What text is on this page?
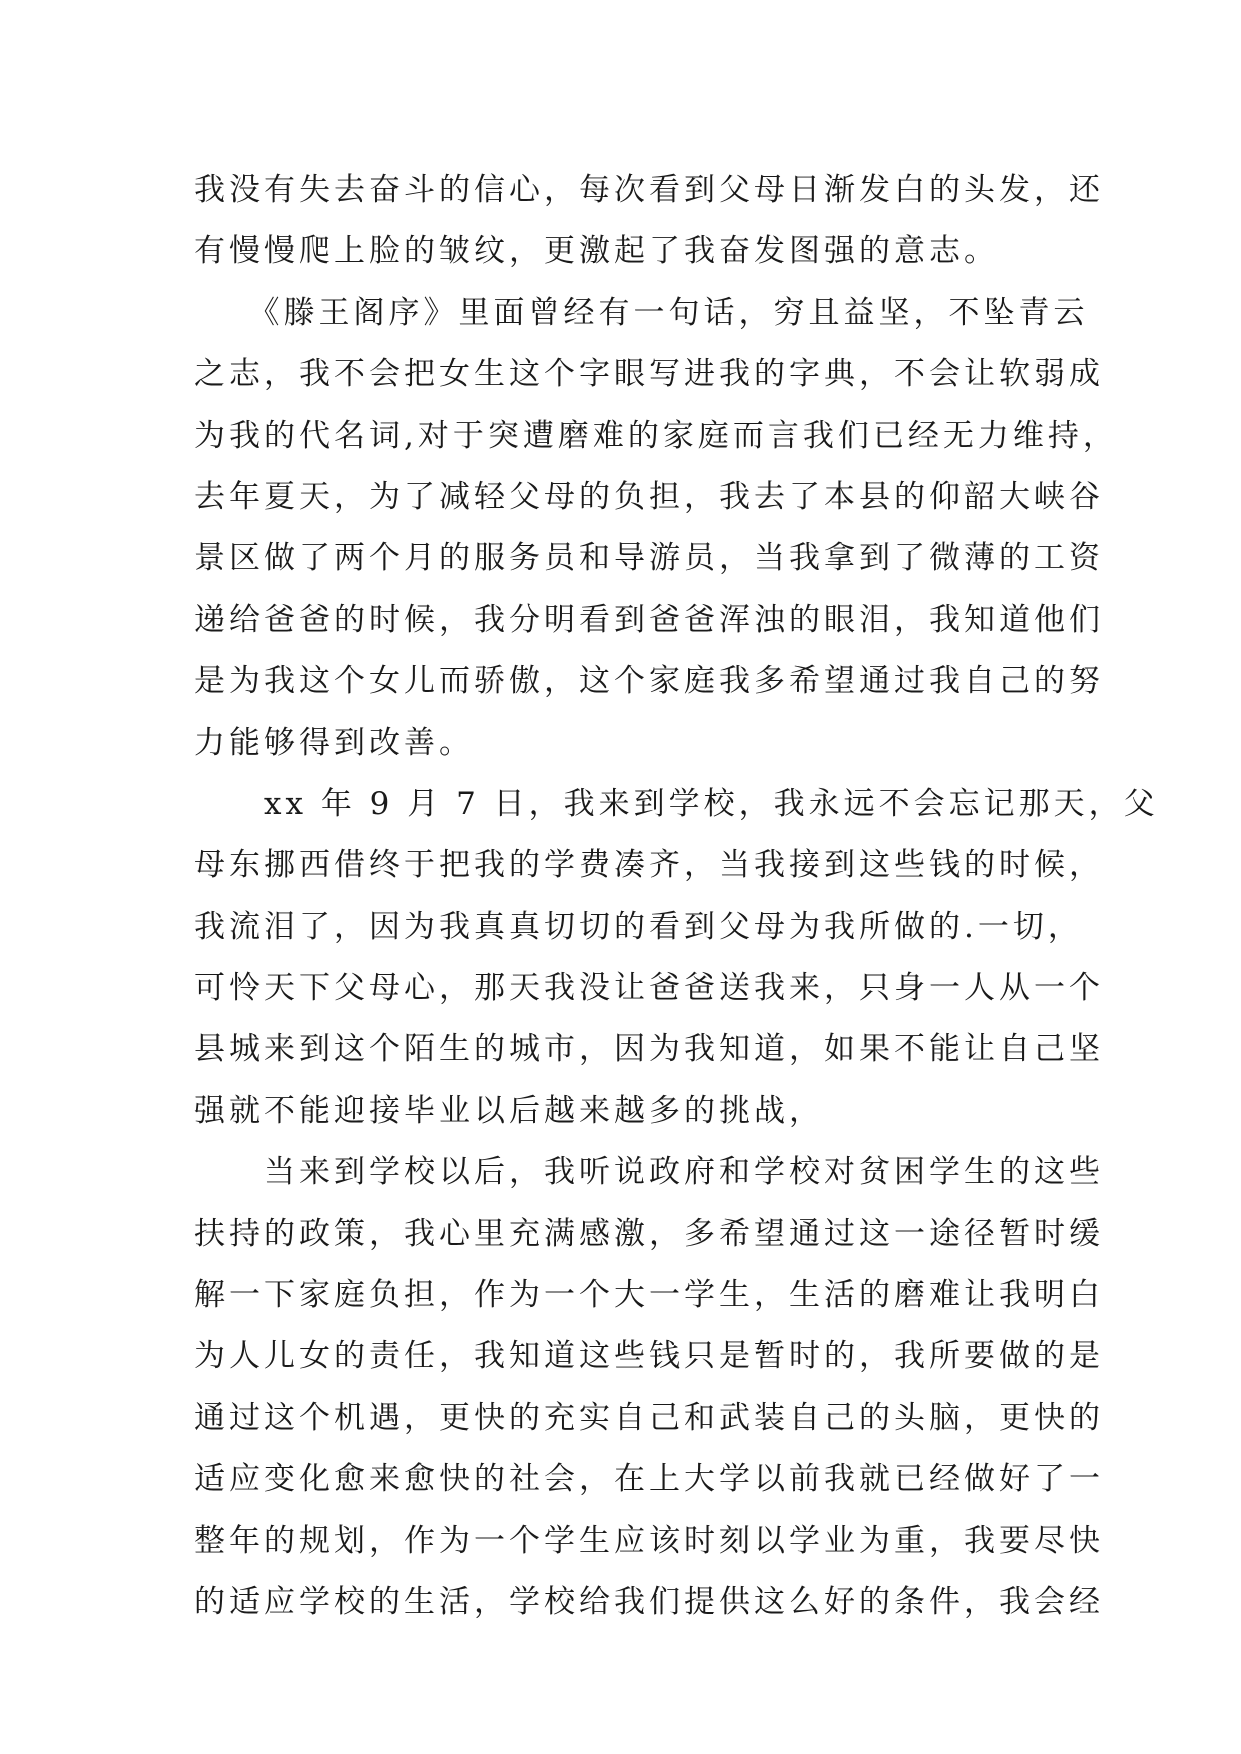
我没有失去奋斗的信心，每次看到父母日渐发白的头发，还
有慢慢爬上脸的皱纹，更激起了我奋发图强的意志。
　　《滕王阁序》里面曾经有一句话，穷且益坚，不坠青云
之志，我不会把女生这个字眼写进我的字典，不会让软弱成
为我的代名词,对于突遭磨难的家庭而言我们已经无力维持，
去年夏天，为了减轻父母的负担，我去了本县的仰韶大峡谷
景区做了两个月的服务员和导游员，当我拿到了微薄的工资
递给爸爸的时候，我分明看到爸爸浑浊的眼泪，我知道他们
是为我这个女儿而骄傲，这个家庭我多希望通过我自己的努
力能够得到改善。
　　xx 年 9 月 7 日，我来到学校，我永远不会忘记那天，父
母东挪西借终于把我的学费凑齐，当我接到这些钱的时候，
我流泪了，因为我真真切切的看到父母为我所做的.一切，
可怜天下父母心，那天我没让爸爸送我来，只身一人从一个
县城来到这个陌生的城市，因为我知道，如果不能让自己坚
强就不能迎接毕业以后越来越多的挑战，
　　当来到学校以后，我听说政府和学校对贫困学生的这些
扶持的政策，我心里充满感激，多希望通过这一途径暂时缓
解一下家庭负担，作为一个大一学生，生活的磨难让我明白
为人儿女的责任，我知道这些钱只是暂时的，我所要做的是
通过这个机遇，更快的充实自己和武装自己的头脑，更快的
适应变化愈来愈快的社会，在上大学以前我就已经做好了一
整年的规划，作为一个学生应该时刻以学业为重，我要尽快
的适应学校的生活，学校给我们提供这么好的条件，我会经
